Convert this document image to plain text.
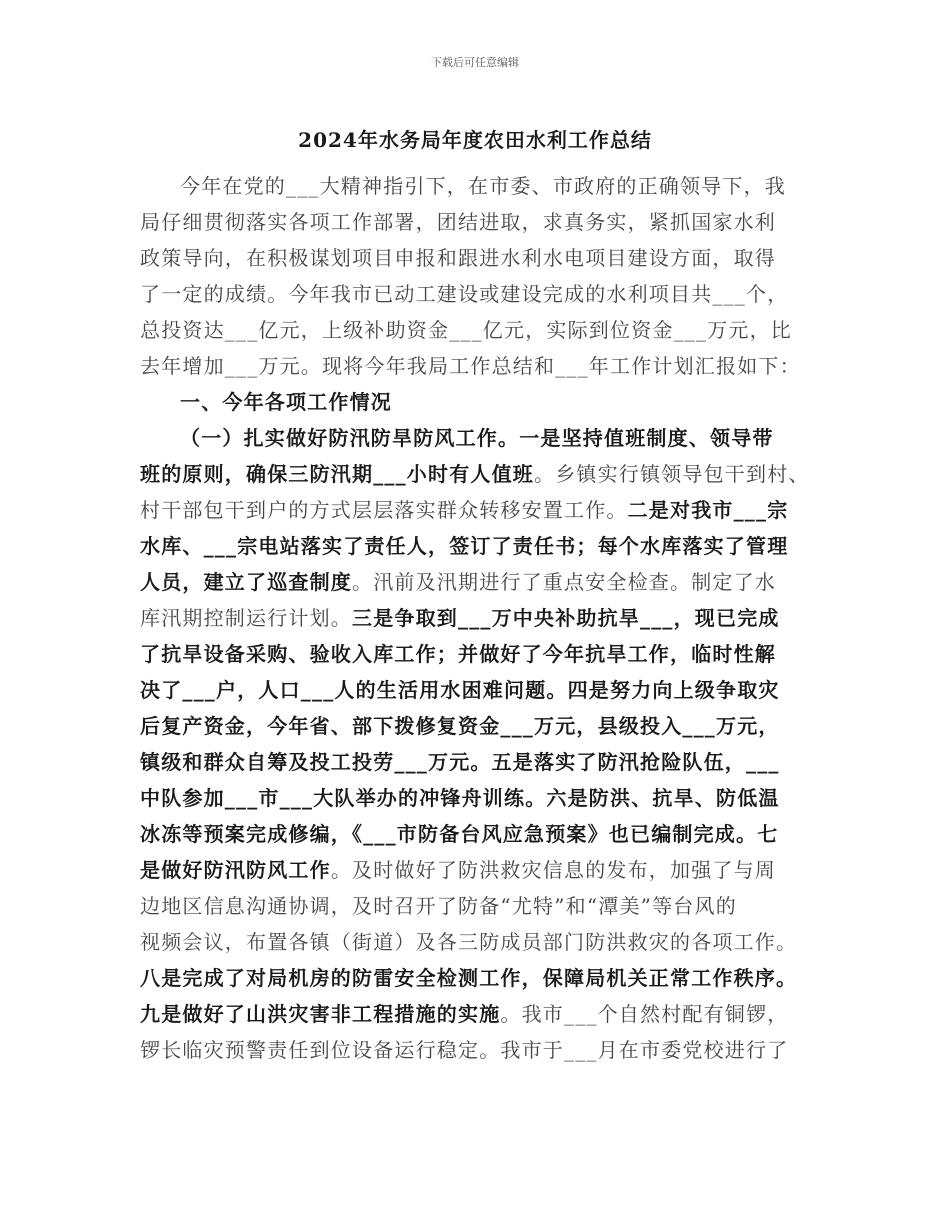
下载后可任意编辑
2024年水务局年度农田水利工作总结
今年在党的___大精神指引下，在市委、市政府的正确领导下，我
局仔细贯彻落实各项工作部署，团结进取，求真务实，紧抓国家水利
政策导向，在积极谋划项目申报和跟进水利水电项目建设方面，取得
了一定的成绩。今年我市已动工建设或建设完成的水利项目共___个，
总投资达___亿元，上级补助资金___亿元，实际到位资金___万元，比
去年增加___万元。现将今年我局工作总结和___年工作计划汇报如下：
一、今年各项工作情况
（一）扎实做好防汛防旱防风工作。一是坚持值班制度、领导带
班的原则，确保三防汛期___小时有人值班。乡镇实行镇领导包干到村、
村干部包干到户的方式层层落实群众转移安置工作。二是对我市___宗
水库、___宗电站落实了责任人，签订了责任书；每个水库落实了管理
人员，建立了巡查制度。汛前及汛期进行了重点安全检查。制定了水
库汛期控制运行计划。三是争取到___万中央补助抗旱___，现已完成
了抗旱设备采购、验收入库工作；并做好了今年抗旱工作，临时性解
决了___户，人口___人的生活用水困难问题。四是努力向上级争取灾
后复产资金，今年省、部下拨修复资金___万元，县级投入___万元，
镇级和群众自筹及投工投劳___万元。五是落实了防汛抢险队伍，___
中队参加___市___大队举办的冲锋舟训练。六是防洪、抗旱、防低温
冰冻等预案完成修编，《___市防备台风应急预案》也已编制完成。七
是做好防汛防风工作。及时做好了防洪救灾信息的发布，加强了与周
边地区信息沟通协调，及时召开了防备“尤特”和“潭美”等台风的
视频会议，布置各镇（街道）及各三防成员部门防洪救灾的各项工作。
八是完成了对局机房的防雷安全检测工作，保障局机关正常工作秩序。
九是做好了山洪灾害非工程措施的实施。我市___个自然村配有铜锣，
锣长临灾预警责任到位设备运行稳定。我市于___月在市委党校进行了
